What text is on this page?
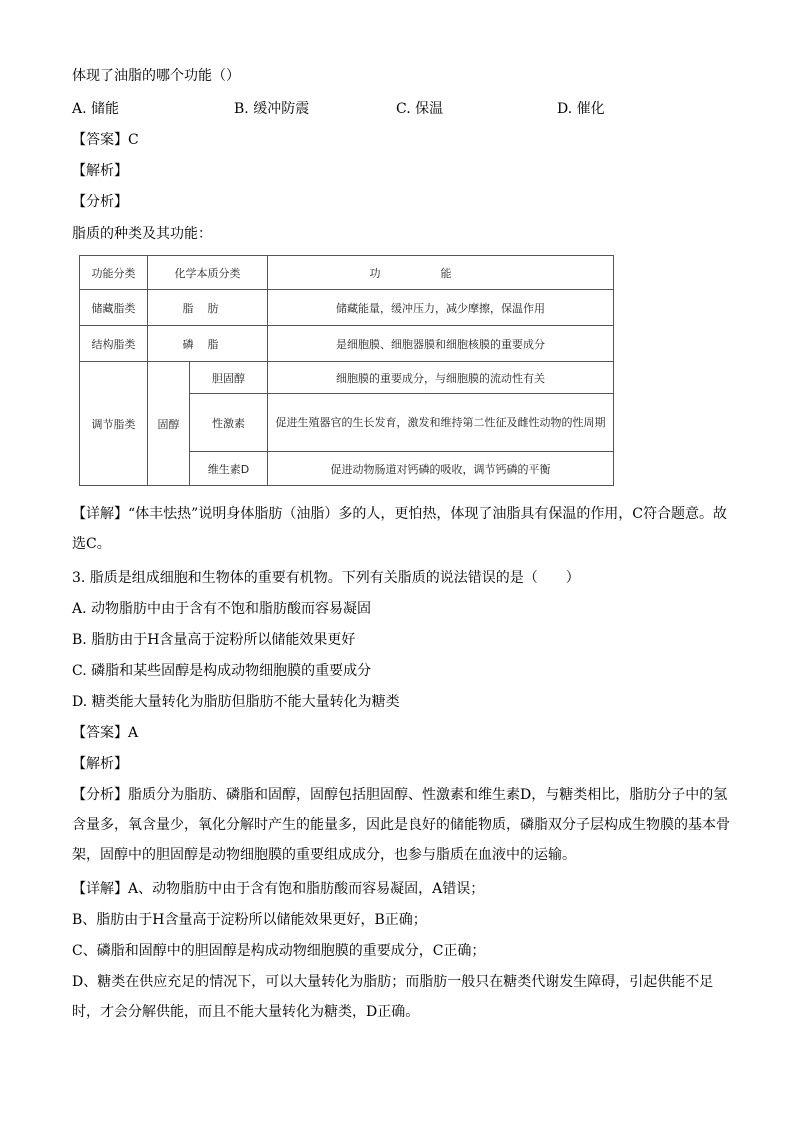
体现了油脂的哪个功能（）
A. 储能	B. 缓冲防震	C. 保温	D. 催化
【答案】C
【解析】
【分析】
脂质的种类及其功能：
功能分类	化学本质分类		功能
储藏脂类	脂肪		储藏能量，缓冲压力，减少摩擦，保温作用
结构脂类	磷脂		是细胞膜、细胞器膜和细胞核膜的重要成分
调节脂类	固醇	胆固醇	细胞膜的重要成分，与细胞膜的流动性有关
		性激素	促进生殖器官的生长发育，激发和维持第二性征及雌性动物的性周期
		维生素D	促进动物肠道对钙磷的吸收，调节钙磷的平衡
【详解】“体丰怯热”说明身体脂肪（油脂）多的人，更怕热，体现了油脂具有保温的作用，C符合题意。故选C。
3. 脂质是组成细胞和生物体的重要有机物。下列有关脂质的说法错误的是（　　）
A. 动物脂肪中由于含有不饱和脂肪酸而容易凝固
B. 脂肪由于H含量高于淀粉所以储能效果更好
C. 磷脂和某些固醇是构成动物细胞膜的重要成分
D. 糖类能大量转化为脂肪但脂肪不能大量转化为糖类
【答案】A
【解析】
【分析】脂质分为脂肪、磷脂和固醇，固醇包括胆固醇、性激素和维生素D，与糖类相比，脂肪分子中的氢含量多，氧含量少，氧化分解时产生的能量多，因此是良好的储能物质，磷脂双分子层构成生物膜的基本骨架，固醇中的胆固醇是动物细胞膜的重要组成成分，也参与脂质在血液中的运输。
【详解】A、动物脂肪中由于含有饱和脂肪酸而容易凝固，A错误；
B、脂肪由于H含量高于淀粉所以储能效果更好，B正确；
C、磷脂和固醇中的胆固醇是构成动物细胞膜的重要成分，C正确；
D、糖类在供应充足的情况下，可以大量转化为脂肪；而脂肪一般只在糖类代谢发生障碍，引起供能不足时，才会分解供能，而且不能大量转化为糖类，D正确。
